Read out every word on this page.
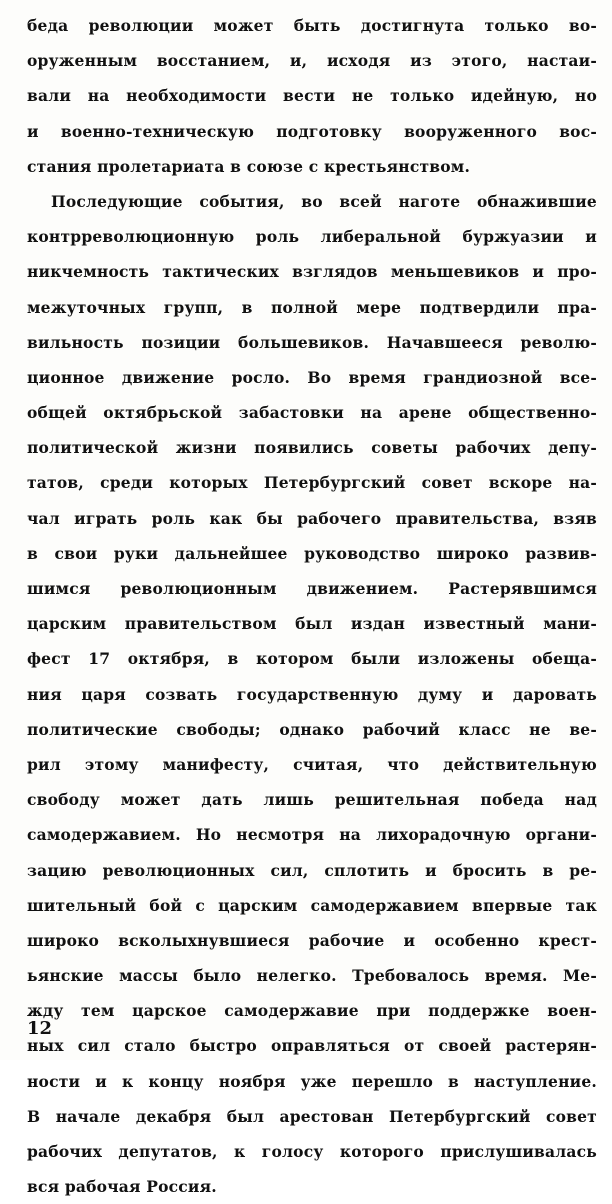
беда революции может быть достигнута только во-
оруженным восстанием, и, исходя из этого, настаи-
вали на необходимости вести не только идейную, но
и военно-техническую подготовку вооруженного вос-
стания пролетариата в союзе с крестьянством.
Последующие события, во всей наготе обнажившие
контрреволюционную роль либеральной буржуазии и
никчемность тактических взглядов меньшевиков и про-
межуточных групп, в полной мере подтвердили пра-
вильность позиции большевиков. Начавшееся револю-
ционное движение росло. Во время грандиозной все-
общей октябрьской забастовки на арене общественно-
политической жизни появились советы рабочих депу-
татов, среди которых Петербургский совет вскоре на-
чал играть роль как бы рабочего правительства, взяв
в свои руки дальнейшее руководство широко развив-
шимся революционным движением. Растерявшимся
царским правительством был издан известный мани-
фест 17 октября, в котором были изложены обеща-
ния царя созвать государственную думу и даровать
политические свободы; однако рабочий класс не ве-
рил этому манифесту, считая, что действительную
свободу может дать лишь решительная победа над
самодержавием. Но несмотря на лихорадочную органи-
зацию революционных сил, сплотить и бросить в ре-
шительный бой с царским самодержавием впервые так
широко всколыхнувшиеся рабочие и особенно крест-
ьянские массы было нелегко. Требовалось время. Ме-
жду тем царское самодержавие при поддержке воен-
ных сил стало быстро оправляться от своей растерян-
ности и к концу ноября уже перешло в наступление.
В начале декабря был арестован Петербургский совет
рабочих депутатов, к голосу которого прислушивалась
вся рабочая Россия.
12
